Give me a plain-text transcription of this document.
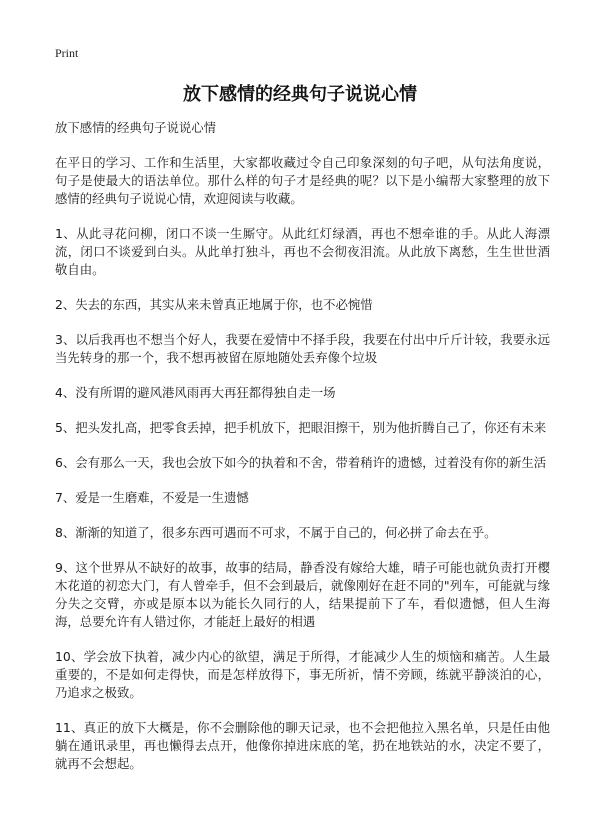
Print
放下感情的经典句子说说心情

放下感情的经典句子说说心情

在平日的学习、工作和生活里，大家都收藏过令自己印象深刻的句子吧，从句法角度说，句子是使最大的语法单位。那什么样的句子才是经典的呢？以下是小编帮大家整理的放下感情的经典句子说说心情，欢迎阅读与收藏。

1、从此寻花问柳，闭口不谈一生厮守。从此红灯绿酒，再也不想牵谁的手。从此人海漂流，闭口不谈爱到白头。从此单打独斗，再也不会彻夜泪流。从此放下离愁，生生世世酒敬自由。

2、失去的东西，其实从来未曾真正地属于你，也不必惋惜

3、以后我再也不想当个好人，我要在爱情中不择手段，我要在付出中斤斤计较，我要永远当先转身的那一个，我不想再被留在原地随处丢弃像个垃圾

4、没有所谓的避风港风雨再大再狂都得独自走一场

5、把头发扎高，把零食丢掉，把手机放下，把眼泪擦干，别为他折腾自己了，你还有未来

6、会有那么一天，我也会放下如今的执着和不舍，带着稍许的遗憾，过着没有你的新生活

7、爱是一生磨难，不爱是一生遗憾

8、渐渐的知道了，很多东西可遇而不可求，不属于自己的，何必拼了命去在乎。

9、这个世界从不缺好的故事，故事的结局，静香没有嫁给大雄，晴子可能也就负责打开樱木花道的初恋大门，有人曾牵手，但不会到最后，就像刚好在赶不同的"列车，可能就与缘分失之交臂，亦或是原本以为能长久同行的人，结果提前下了车，看似遗憾，但人生海海，总要允许有人错过你，才能赶上最好的相遇

10、学会放下执着，减少内心的欲望，满足于所得，才能减少人生的烦恼和痛苦。人生最重要的，不是如何走得快，而是怎样放得下，事无所祈，情不旁顾，练就平静淡泊的心，乃追求之极致。

11、真正的放下大概是，你不会删除他的聊天记录，也不会把他拉入黑名单，只是任由他躺在通讯录里，再也懒得去点开，他像你掉进床底的笔，扔在地铁站的水，决定不要了，就再不会想起。
